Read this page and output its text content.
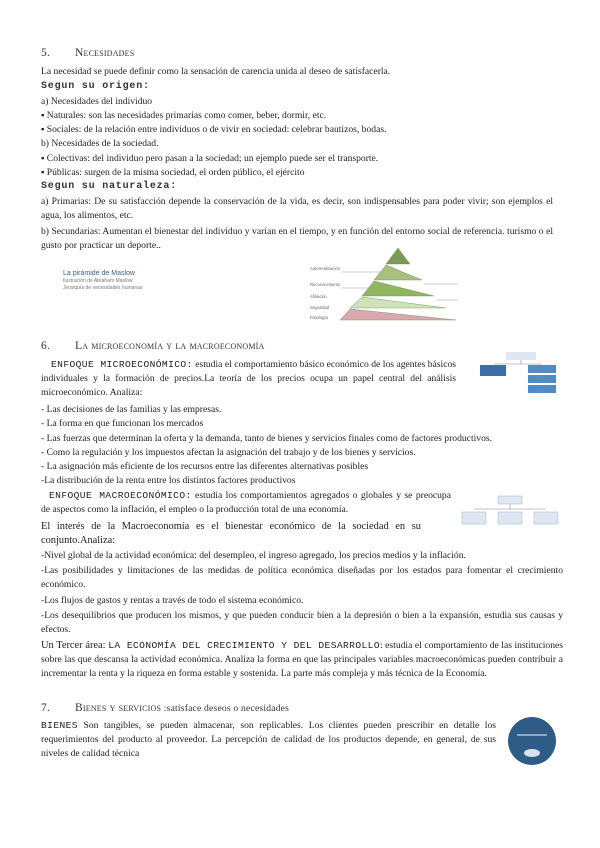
5. Necesidades
La necesidad se puede definir como la sensación de carencia unida al deseo de satisfacerla.
Segun su origen:
a) Necesidades del individuo
▪ Naturales: son las necesidades primarias como comer, beber, dormir, etc.
▪ Sociales: de la relación entre individuos o de vivir en sociedad: celebrar bautizos, bodas.
b) Necesidades de la sociedad.
▪ Colectivas: del individuo pero pasan a la sociedad; un ejemplo puede ser el transporte.
▪ Públicas: surgen de la misma sociedad, el orden público, el ejército
Segun su naturaleza:
a) Primarias: De su satisfacción depende la conservación de la vida, es decir, son indispensables para poder vivir; son ejemplos el agua, los alimentos, etc.
b) Secundarias: Aumentan el bienestar del individuo y varían en el tiempo, y en función del entorno social de referencia. turismo o el gusto por practicar un deporte..
La pirámide de Maslow
Ilustración de Abraham Maslow
Jerarquía de necesidades humanas
Autorrealización
Reconocimiento
Afiliación
Seguridad
Fisiología
6. La microeconomía y la macroeconomía
ENFOQUE MICROECONÓMICO: estudia el comportamiento básico económico de los agentes básicos individuales y la formación de precios.La teoría de los precios ocupa un papel central del análisis microeconómico. Analiza:
- Las decisiones de las familias y las empresas.
- La forma en que funcionan los mercados
- Las fuerzas que determinan la oferta y la demanda, tanto de bienes y servicios finales como de factores productivos.
- Como la regulación y los impuestos afectan la asignación del trabajo y de los bienes y servicios.
- La asignación más eficiente de los recursos entre las diferentes alternativas posibles
-La distribución de la renta entre los distintos factores productivos
ENFOQUE MACROECONÓMICO: estudia los comportamientos agregados o globales y se preocupa de aspectos como la inflación, el empleo o la producción total de una economía.
El interés de la Macroeconomía es el bienestar económico de la sociedad en su conjunto.Analiza:
-Nivel global de la actividad económica: del desempleo, el ingreso agregado, los precios medios y la inflación.
-Las posibilidades y limitaciones de las medidas de política económica diseñadas por los estados para fomentar el crecimiento económico.
-Los flujos de gastos y rentas a través de todo el sistema económico.
-Los desequilibrios que producen los mismos, y que pueden conducir bien a la depresión o bien a la expansión, estudia sus causas y efectos.
Un Tercer área: LA ECONOMÍA DEL CRECIMIENTO Y DEL DESARROLLO: estudia el comportamiento de las instituciones sobre las que descansa la actividad económica. Analiza la forma en que las principales variables macroeconómicas pueden contribuir a incrementar la renta y la riqueza en forma estable y sostenida. La parte más compleja y más técnica de la Economía.
7. Bienes y servicios :satisface deseos o necesidades
BIENES Son tangibles, se pueden almacenar, son replicables. Los clientes pueden prescribir en detalle los requerimientos del producto al proveedor. La percepción de calidad de los productos depende, en general, de sus niveles de calidad técnica
